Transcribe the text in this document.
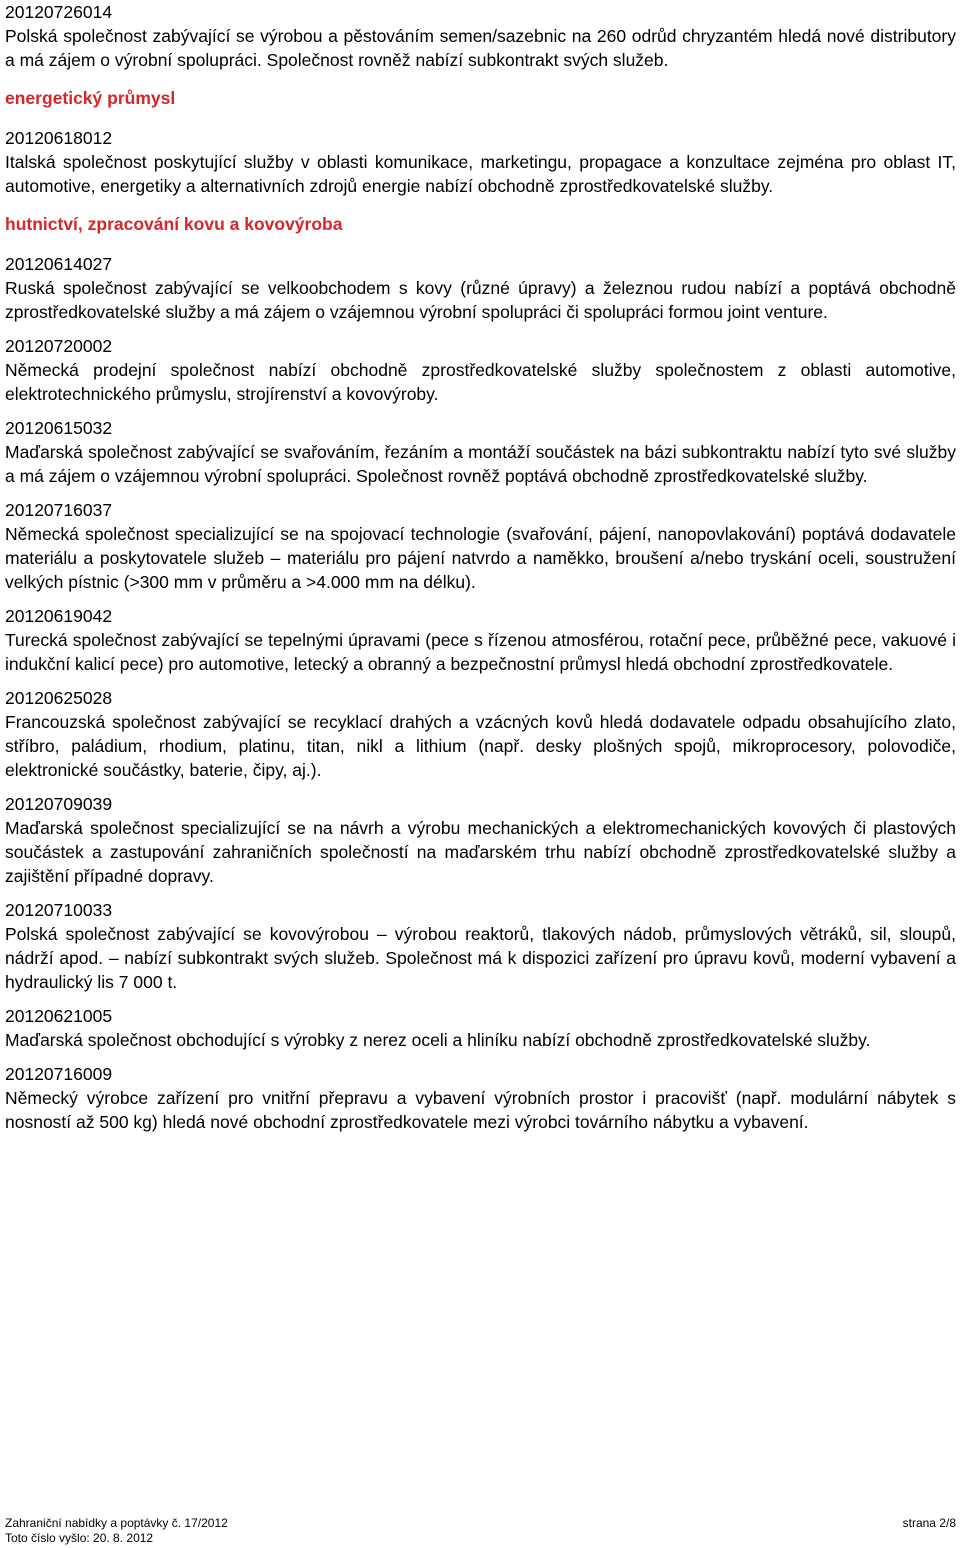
20120726014

Polská společnost zabývající se výrobou a pěstováním semen/sazebnic na 260 odrůd chryzantém hledá nové distributory a má zájem o výrobní spolupráci. Společnost rovněž nabízí subkontrakt svých služeb.

energetický průmysl

20120618012

Italská společnost poskytující služby v oblasti komunikace, marketingu, propagace a konzultace zejména pro oblast IT, automotive, energetiky a alternativních zdrojů energie nabízí obchodně zprostředkovatelské služby.

hutnictví, zpracování kovu a kovovýroba

20120614027

Ruská společnost zabývající se velkoobchodem s kovy (různé úpravy) a železnou rudou nabízí a poptává obchodně zprostředkovatelské služby a má zájem o vzájemnou výrobní spolupráci či spolupráci formou joint venture.

20120720002

Německá prodejní společnost nabízí obchodně zprostředkovatelské služby společnostem z oblasti automotive, elektrotechnického průmyslu, strojírenství a kovovýroby.

20120615032

Maďarská společnost zabývající se svařováním, řezáním a montáží součástek na bázi subkontraktu nabízí tyto své služby a má zájem o vzájemnou výrobní spolupráci. Společnost rovněž poptává obchodně zprostředkovatelské služby.

20120716037

Německá společnost specializující se na spojovací technologie (svařování, pájení, nanopovlakování) poptává dodavatele materiálu a poskytovatele služeb – materiálu pro pájení natvrdo a naměkko, broušení a/nebo tryskání oceli, soustružení velkých pístnic (>300 mm v průměru a >4.000 mm na délku).

20120619042

Turecká společnost zabývající se tepelnými úpravami (pece s řízenou atmosférou, rotační pece, průběžné pece, vakuové i indukční kalicí pece) pro automotive, letecký a obranný a bezpečnostní průmysl hledá obchodní zprostředkovatele.

20120625028

Francouzská společnost zabývající se recyklací drahých a vzácných kovů hledá dodavatele odpadu obsahujícího zlato, stříbro, paládium, rhodium, platinu, titan, nikl a lithium (např. desky plošných spojů, mikroprocesory, polovodiče, elektronické součástky, baterie, čipy, aj.).

20120709039

Maďarská společnost specializující se na návrh a výrobu mechanických a elektromechanických kovových či plastových součástek a zastupování zahraničních společností na maďarském trhu nabízí obchodně zprostředkovatelské služby a zajištění případné dopravy.

20120710033

Polská společnost zabývající se kovovýrobou – výrobou reaktorů, tlakových nádob, průmyslových větráků, sil, sloupů, nádrží apod. – nabízí subkontrakt svých služeb. Společnost má k dispozici zařízení pro úpravu kovů, moderní vybavení a hydraulický lis 7 000 t.

20120621005

Maďarská společnost obchodující s výrobky z nerez oceli a hliníku nabízí obchodně zprostředkovatelské služby.

20120716009

Německý výrobce zařízení pro vnitřní přepravu a vybavení výrobních prostor i pracovišť (např. modulární nábytek s nosností až 500 kg) hledá nové obchodní zprostředkovatele mezi výrobci továrního nábytku a vybavení.

Zahraniční nabídky a poptávky č. 17/2012	strana 2/8
Toto číslo vyšlo: 20. 8. 2012
